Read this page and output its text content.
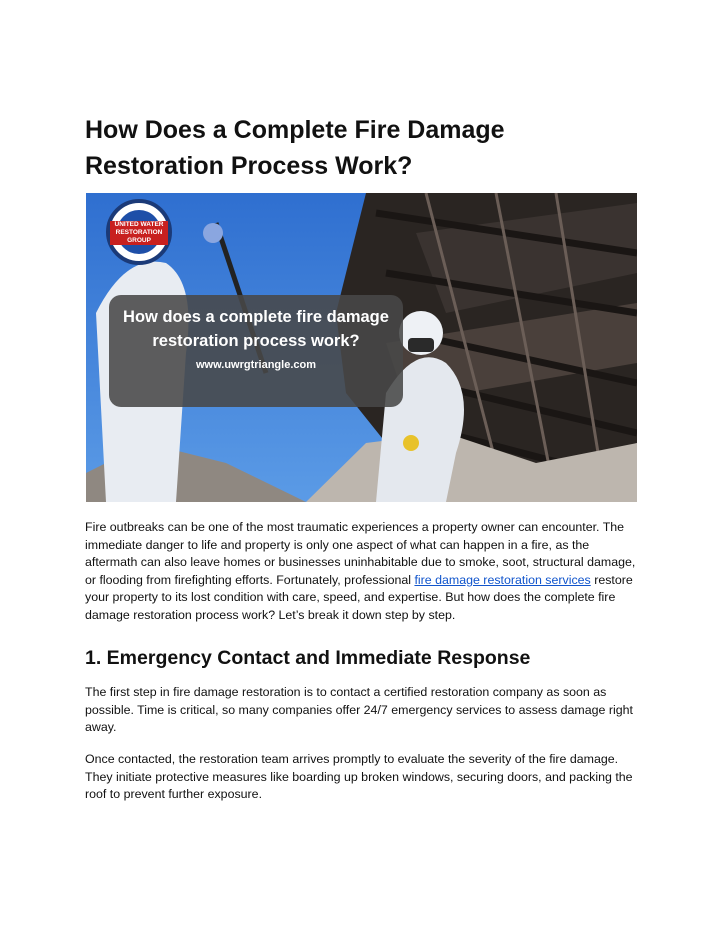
How Does a Complete Fire Damage Restoration Process Work?
UNITED WATER
RESTORATION
GROUP

How does a complete fire damage restoration process work?

www.uwrgtriangle.com

Fire outbreaks can be one of the most traumatic experiences a property owner can encounter. The immediate danger to life and property is only one aspect of what can happen in a fire, as the aftermath can also leave homes or businesses uninhabitable due to smoke, soot, structural damage, or flooding from firefighting efforts. Fortunately, professional fire damage restoration services restore your property to its lost condition with care, speed, and expertise. But how does the complete fire damage restoration process work? Let’s break it down step by step.

1. Emergency Contact and Immediate Response

The first step in fire damage restoration is to contact a certified restoration company as soon as possible. Time is critical, so many companies offer 24/7 emergency services to assess damage right away.

Once contacted, the restoration team arrives promptly to evaluate the severity of the fire damage. They initiate protective measures like boarding up broken windows, securing doors, and packing the roof to prevent further exposure.
